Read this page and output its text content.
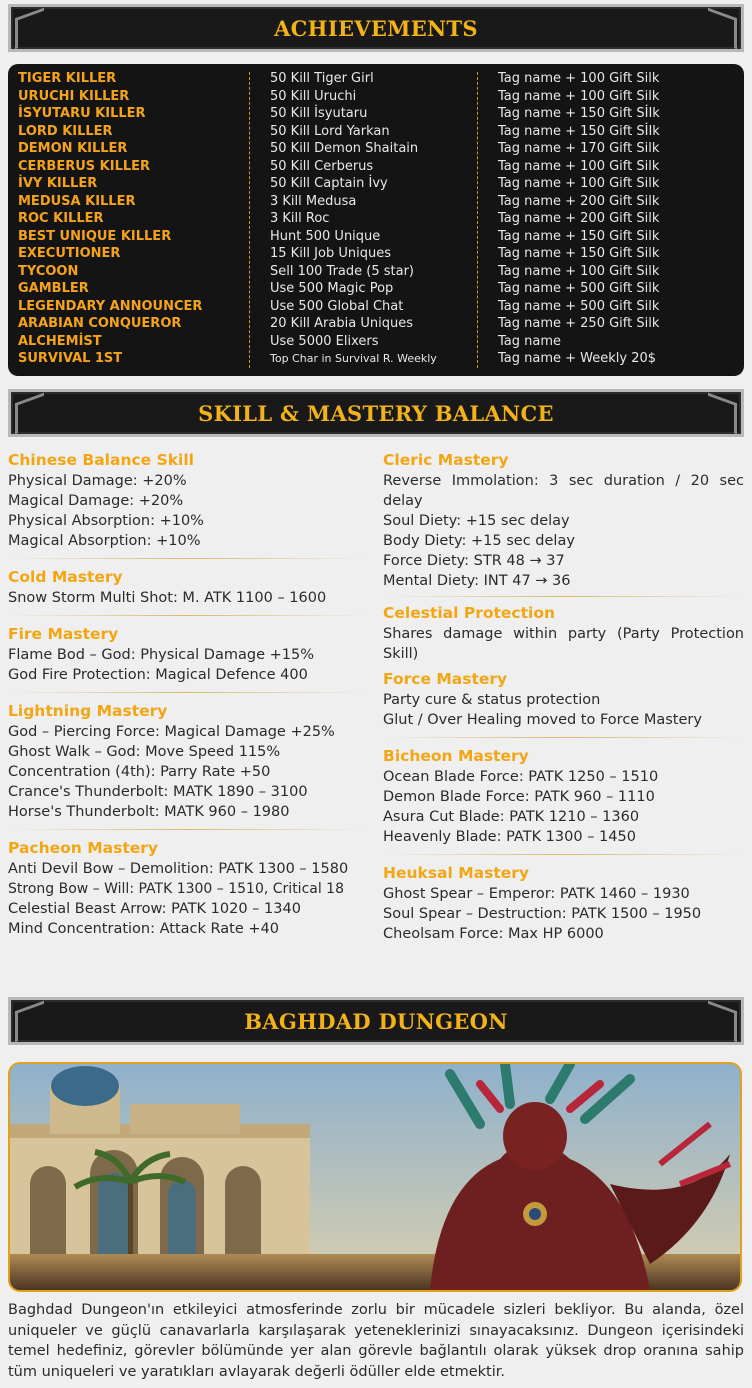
ACHIEVEMENTS
TIGER KILLER
URUCHI KILLER
İSYUTARU KILLER
LORD KILLER
DEMON KILLER
CERBERUS KILLER
İVY KILLER
MEDUSA KILLER
ROC KILLER
BEST UNIQUE KILLER
EXECUTIONER
TYCOON
GAMBLER
LEGENDARY ANNOUNCER
ARABIAN CONQUEROR
ALCHEMİST
SURVIVAL 1ST
50 Kill Tiger Girl
50 Kill Uruchi
50 Kill İsyutaru
50 Kill Lord Yarkan
50 Kill Demon Shaitain
50 Kill Cerberus
50 Kill Captain İvy
3 Kill Medusa
3 Kill Roc
Hunt 500 Unique
15 Kill Job Uniques
Sell 100 Trade (5 star)
Use 500 Magic Pop
Use 500 Global Chat
20 Kill Arabia Uniques
Use 5000 Elixers
Top Char in Survival R. Weekly
Tag name + 100 Gift Silk
Tag name + 100 Gift Silk
Tag name + 150 Gift SİIk
Tag name + 150 Gift SİIk
Tag name + 170 Gift Silk
Tag name + 100 Gift Silk
Tag name + 100 Gift Silk
Tag name + 200 Gift Silk
Tag name + 200 Gift Silk
Tag name + 150 Gift Silk
Tag name + 150 Gift Silk
Tag name + 100 Gift Silk
Tag name + 500 Gift Silk
Tag name + 500 Gift Silk
Tag name + 250 Gift Silk
Tag name
Tag name + Weekly 20$
SKILL & MASTERY BALANCE
Chinese Balance Skill
Physical Damage: +20%
Magical Damage: +20%
Physical Absorption: +10%
Magical Absorption: +10%
Cold Mastery
Snow Storm Multi Shot: M. ATK 1100 – 1600
Fire Mastery
Flame Bod – God: Physical Damage +15%
God Fire Protection: Magical Defence 400
Lightning Mastery
God – Piercing Force: Magical Damage +25%
Ghost Walk – God: Move Speed 115%
Concentration (4th): Parry Rate +50
Crance's Thunderbolt: MATK 1890 – 3100
Horse's Thunderbolt: MATK 960 – 1980
Pacheon Mastery
Anti Devil Bow – Demolition: PATK 1300 – 1580
Strong Bow – Will: PATK 1300 – 1510, Critical 18
Celestial Beast Arrow: PATK 1020 – 1340
Mind Concentration: Attack Rate +40
Cleric Mastery
Reverse Immolation: 3 sec duration / 20 sec delay
Soul Diety: +15 sec delay
Body Diety: +15 sec delay
Force Diety: STR 48 → 37
Mental Diety: INT 47 → 36
Celestial Protection
Shares damage within party (Party Protection Skill)
Force Mastery
Party cure & status protection
Glut / Over Healing moved to Force Mastery
Bicheon Mastery
Ocean Blade Force: PATK 1250 – 1510
Demon Blade Force: PATK 960 – 1110
Asura Cut Blade: PATK 1210 – 1360
Heavenly Blade: PATK 1300 – 1450
Heuksal Mastery
Ghost Spear – Emperor: PATK 1460 – 1930
Soul Spear – Destruction: PATK 1500 – 1950
Cheolsam Force: Max HP 6000
BAGHDAD DUNGEON
Baghdad Dungeon'ın etkileyici atmosferinde zorlu bir mücadele sizleri bekliyor. Bu alanda, özel uniqueler ve güçlü canavarlarla karşılaşarak yeteneklerinizi sınayacaksınız. Dungeon içerisindeki temel hedefiniz, görevler bölümünde yer alan görevle bağlantılı olarak yüksek drop oranına sahip tüm uniqueleri ve yaratıkları avlayarak değerli ödüller elde etmektir.
